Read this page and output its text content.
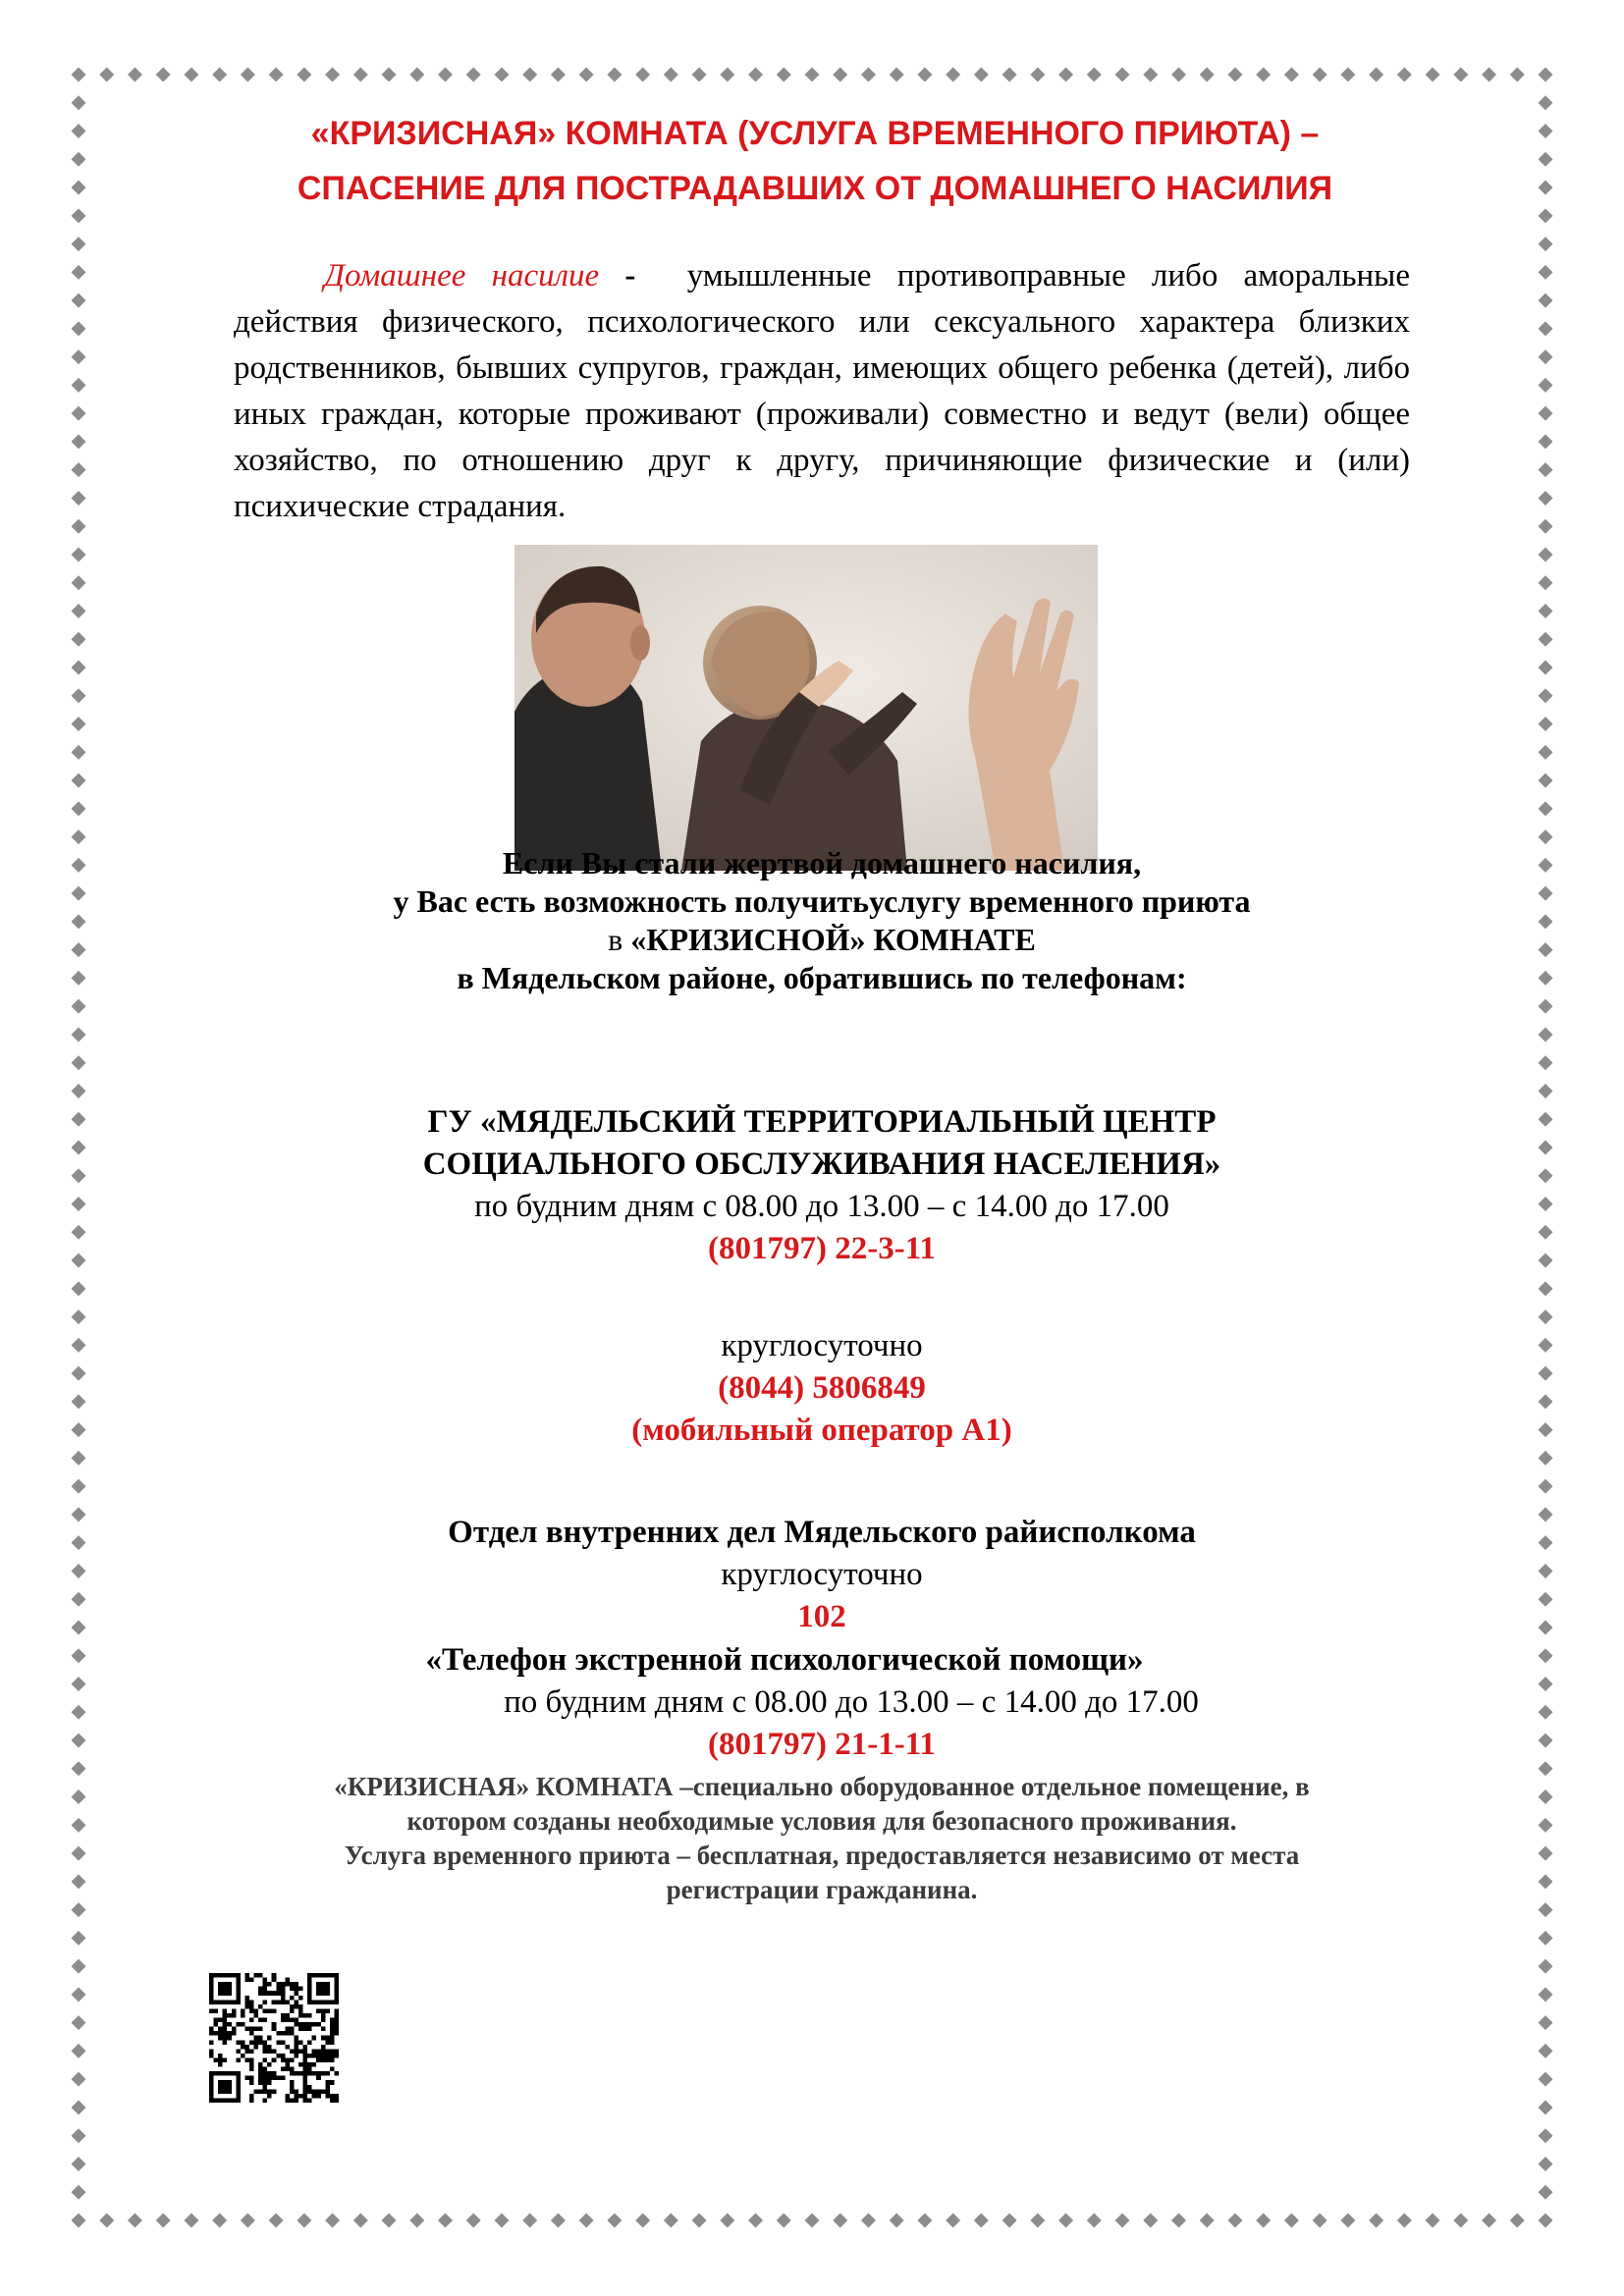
«КРИЗИСНАЯ» КОМНАТА (УСЛУГА ВРЕМЕННОГО ПРИЮТА) –
СПАСЕНИЕ ДЛЯ ПОСТРАДАВШИХ ОТ ДОМАШНЕГО НАСИЛИЯ

Домашнее насилие - умышленные противоправные либо аморальные действия физического, психологического или сексуального характера близких родственников, бывших супругов, граждан, имеющих общего ребенка (детей), либо иных граждан, которые проживают (проживали) совместно и ведут (вели) общее хозяйство, по отношению друг к другу, причиняющие физические и (или) психические страдания.

Если Вы стали жертвой домашнего насилия,
у Вас есть возможность получитьуслугу временного приюта
в «КРИЗИСНОЙ» КОМНАТЕ
в Мядельском районе, обратившись по телефонам:
ГУ «МЯДЕЛЬСКИЙ ТЕРРИТОРИАЛЬНЫЙ ЦЕНТР
СОЦИАЛЬНОГО ОБСЛУЖИВАНИЯ НАСЕЛЕНИЯ»
по будним дням с 08.00 до 13.00 – с 14.00 до 17.00
(801797) 22-3-11
круглосуточно
(8044) 5806849
(мобильный оператор А1)
Отдел внутренних дел Мядельского райисполкома
круглосуточно
102
«Телефон экстренной психологической помощи»
по будним дням с 08.00 до 13.00 – с 14.00 до 17.00
(801797) 21-1-11
«КРИЗИСНАЯ» КОМНАТА –специально оборудованное отдельное помещение, в
котором созданы необходимые условия для безопасного проживания.
Услуга временного приюта – бесплатная, предоставляется независимо от места
регистрации гражданина.
